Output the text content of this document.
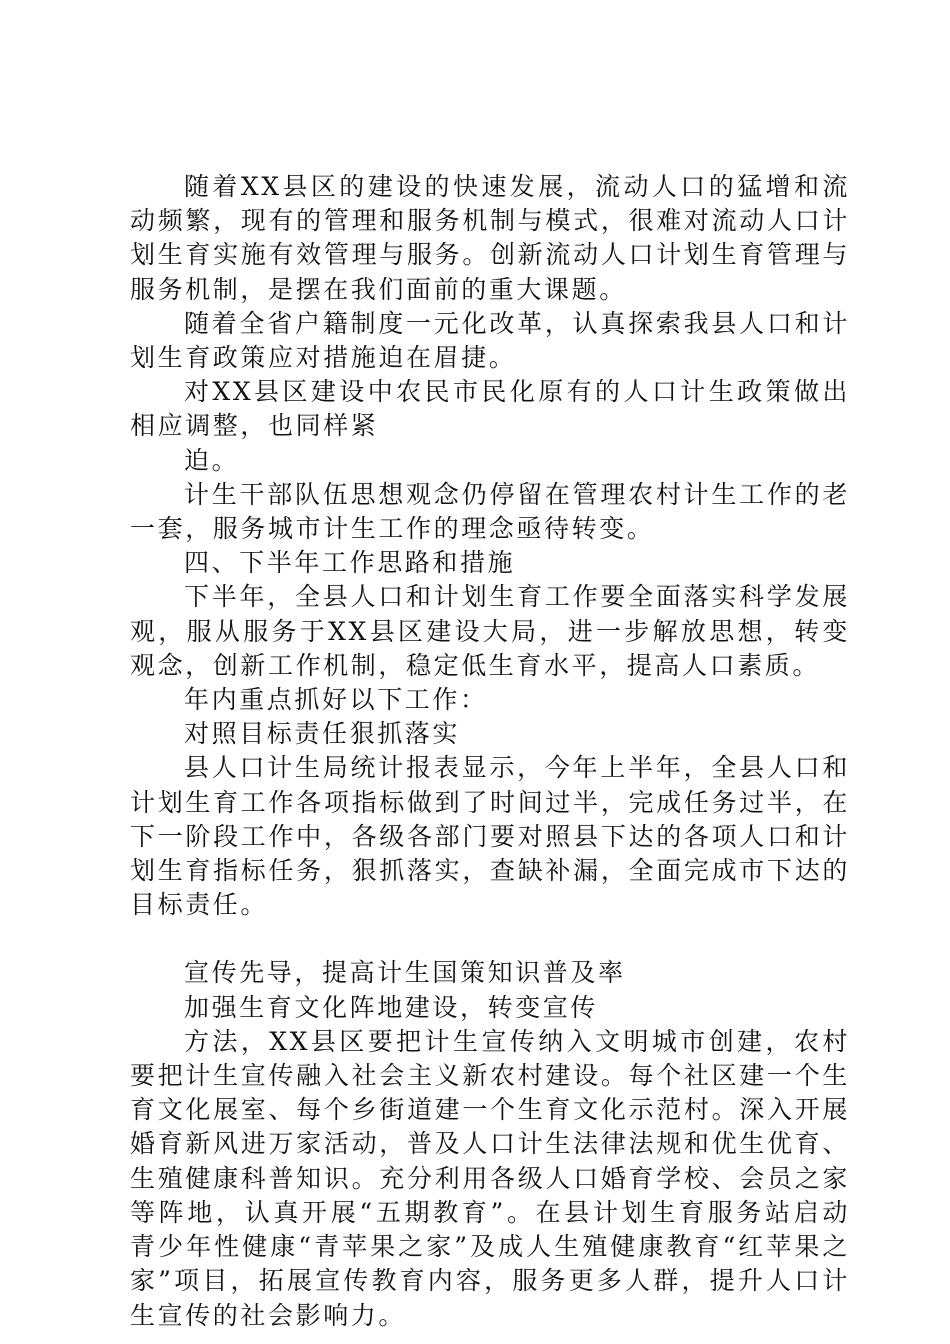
随着XX县区的建设的快速发展，流动人口的猛增和流动频繁，现有的管理和服务机制与模式，很难对流动人口计划生育实施有效管理与服务。创新流动人口计划生育管理与服务机制，是摆在我们面前的重大课题。

随着全省户籍制度一元化改革，认真探索我县人口和计划生育政策应对措施迫在眉捷。

对XX县区建设中农民市民化原有的人口计生政策做出相应调整，也同样紧

迫。

计生干部队伍思想观念仍停留在管理农村计生工作的老一套，服务城市计生工作的理念亟待转变。

四、下半年工作思路和措施

下半年，全县人口和计划生育工作要全面落实科学发展观，服从服务于XX县区建设大局，进一步解放思想，转变观念，创新工作机制，稳定低生育水平，提高人口素质。

年内重点抓好以下工作：

对照目标责任狠抓落实

县人口计生局统计报表显示，今年上半年，全县人口和计划生育工作各项指标做到了时间过半，完成任务过半，在下一阶段工作中，各级各部门要对照县下达的各项人口和计划生育指标任务，狠抓落实，查缺补漏，全面完成市下达的目标责任。

宣传先导，提高计生国策知识普及率

加强生育文化阵地建设，转变宣传

方法，XX县区要把计生宣传纳入文明城市创建，农村要把计生宣传融入社会主义新农村建设。每个社区建一个生育文化展室、每个乡街道建一个生育文化示范村。深入开展婚育新风进万家活动，普及人口计生法律法规和优生优育、生殖健康科普知识。充分利用各级人口婚育学校、会员之家等阵地，认真开展“五期教育”。在县计划生育服务站启动青少年性健康“青苹果之家”及成人生殖健康教育“红苹果之家”项目，拓展宣传教育内容，服务更多人群，提升人口计生宣传的社会影响力。
